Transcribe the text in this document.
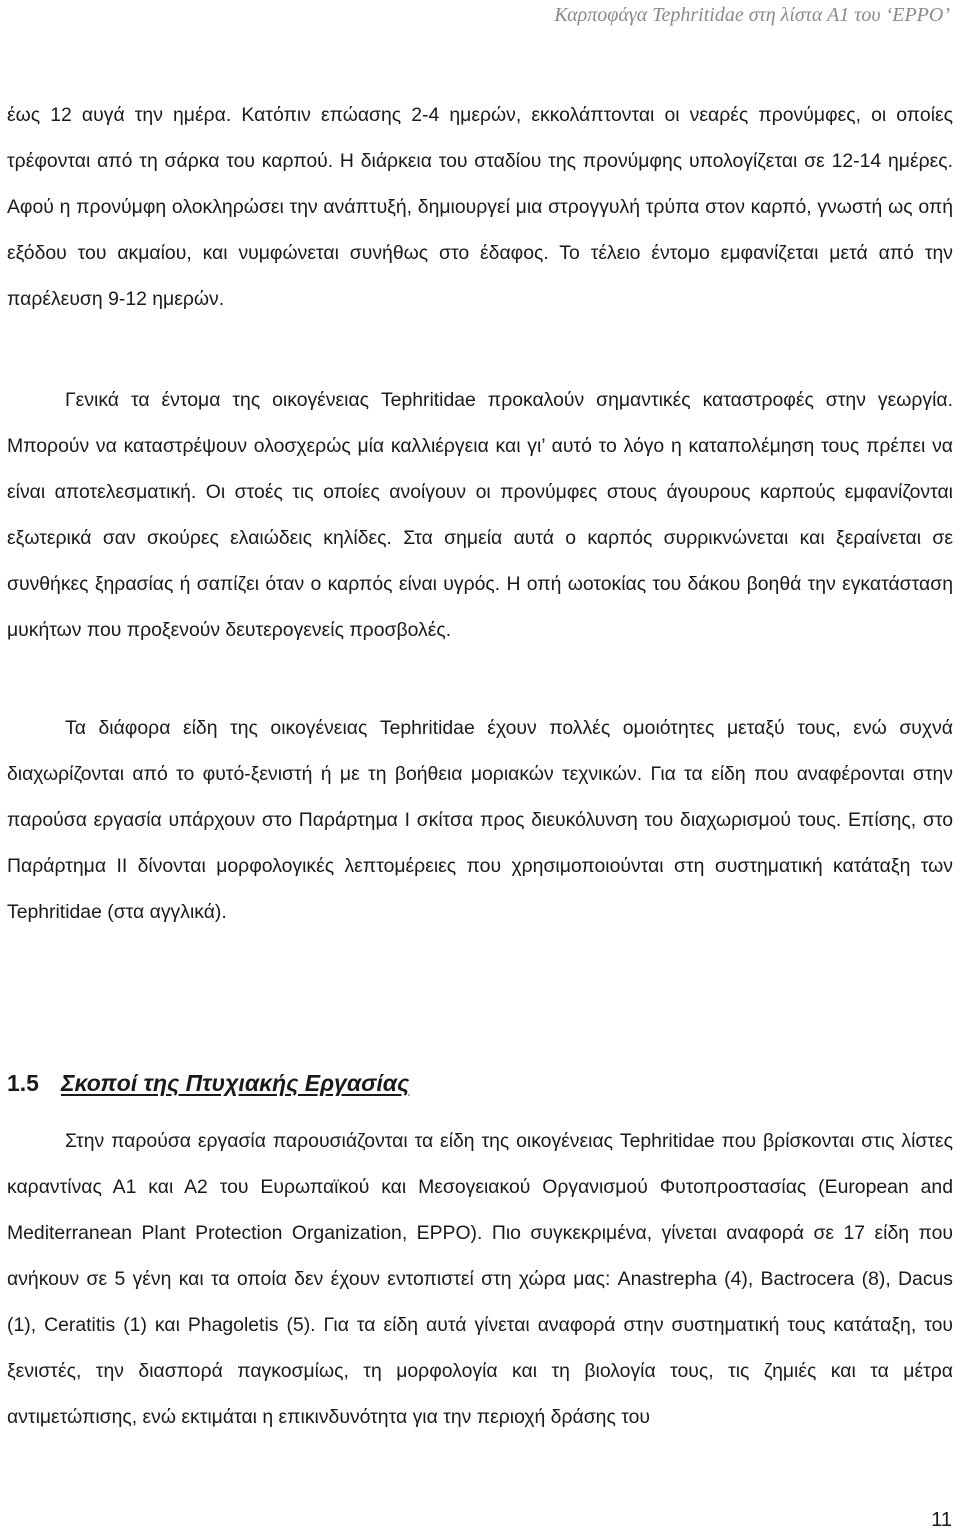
Καρποφάγα Tephritidae στη λίστα Α1 του ‘EPPO’

έως 12 αυγά την ημέρα. Κατόπιν επώασης 2-4 ημερών, εκκολάπτονται οι νεαρές προνύμφες, οι οποίες τρέφονται από τη σάρκα του καρπού. Η διάρκεια του σταδίου της προνύμφης υπολογίζεται σε 12-14 ημέρες. Αφού η προνύμφη ολοκληρώσει την ανάπτυξή, δημιουργεί μια στρογγυλή τρύπα στον καρπό, γνωστή ως οπή εξόδου του ακμαίου, και νυμφώνεται συνήθως στο έδαφος. Το τέλειο έντομο εμφανίζεται μετά από την παρέλευση 9-12 ημερών.

Γενικά τα έντομα της οικογένειας Tephritidae προκαλούν σημαντικές καταστροφές στην γεωργία. Μπορούν να καταστρέψουν ολοσχερώς μία καλλιέργεια και γι’ αυτό το λόγο η καταπολέμηση τους πρέπει να είναι αποτελεσματική. Οι στοές τις οποίες ανοίγουν οι προνύμφες στους άγουρους καρπούς εμφανίζονται εξωτερικά σαν σκούρες ελαιώδεις κηλίδες. Στα σημεία αυτά ο καρπός συρρικνώνεται και ξεραίνεται σε συνθήκες ξηρασίας ή σαπίζει όταν ο καρπός είναι υγρός. Η οπή ωοτοκίας του δάκου βοηθά την εγκατάσταση μυκήτων που προξενούν δευτερογενείς προσβολές.

Τα διάφορα είδη της οικογένειας Tephritidae έχουν πολλές ομοιότητες μεταξύ τους, ενώ συχνά διαχωρίζονται από το φυτό-ξενιστή ή με τη βοήθεια μοριακών τεχνικών. Για τα είδη που αναφέρονται στην παρούσα εργασία υπάρχουν στο Παράρτημα Ι σκίτσα προς διευκόλυνση του διαχωρισμού τους. Επίσης, στο Παράρτημα ΙΙ δίνονται μορφολογικές λεπτομέρειες που χρησιμοποιούνται στη συστηματική κατάταξη των Tephritidae (στα αγγλικά).

1.5 Σκοποί της Πτυχιακής Εργασίας

Στην παρούσα εργασία παρουσιάζονται τα είδη της οικογένειας Tephritidae που βρίσκονται στις λίστες καραντίνας Α1 και Α2 του Ευρωπαϊκού και Μεσογειακού Οργανισμού Φυτοπροστασίας (European and Mediterranean Plant Protection Organization, EPPO). Πιο συγκεκριμένα, γίνεται αναφορά σε 17 είδη που ανήκουν σε 5 γένη και τα οποία δεν έχουν εντοπιστεί στη χώρα μας: Anastrepha (4), Bactrocera (8), Dacus (1), Ceratitis (1) και Phagoletis (5). Για τα είδη αυτά γίνεται αναφορά στην συστηματική τους κατάταξη, του ξενιστές, την διασπορά παγκοσμίως, τη μορφολογία και τη βιολογία τους, τις ζημιές και τα μέτρα αντιμετώπισης, ενώ εκτιμάται η επικινδυνότητα για την περιοχή δράσης του

11
